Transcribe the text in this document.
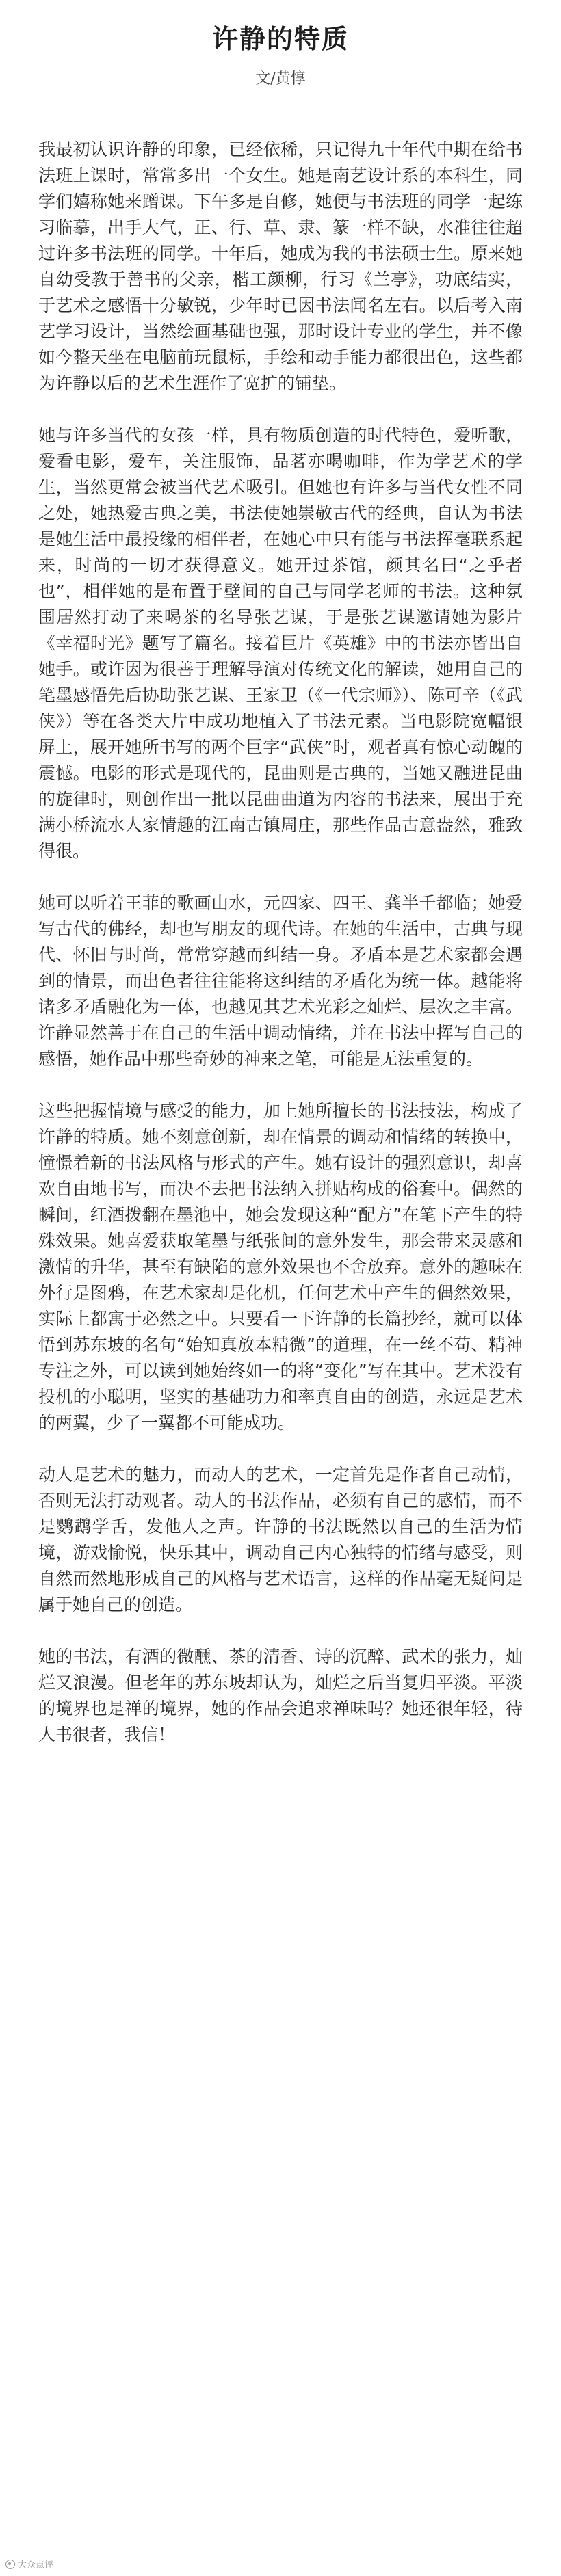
许静的特质
文/黄惇

我最初认识许静的印象，已经依稀，只记得九十年代中期在给书法班上课时，常常多出一个女生。她是南艺设计系的本科生，同学们嬉称她来蹭课。下午多是自修，她便与书法班的同学一起练习临摹，出手大气，正、行、草、隶、篆一样不缺，水准往往超过许多书法班的同学。十年后，她成为我的书法硕士生。原来她自幼受教于善书的父亲，楷工颜柳，行习《兰亭》，功底结实，于艺术之感悟十分敏锐，少年时已因书法闻名左右。以后考入南艺学习设计，当然绘画基础也强，那时设计专业的学生，并不像如今整天坐在电脑前玩鼠标，手绘和动手能力都很出色，这些都为许静以后的艺术生涯作了宽扩的铺垫。

她与许多当代的女孩一样，具有物质创造的时代特色，爱听歌，爱看电影，爱车，关注服饰，品茗亦喝咖啡，作为学艺术的学生，当然更常会被当代艺术吸引。但她也有许多与当代女性不同之处，她热爱古典之美，书法使她崇敬古代的经典，自认为书法是她生活中最投缘的相伴者，在她心中只有能与书法挥毫联系起来，时尚的一切才获得意义。她开过茶馆，颜其名曰“之乎者也”，相伴她的是布置于壁间的自己与同学老师的书法。这种氛围居然打动了来喝茶的名导张艺谋，于是张艺谋邀请她为影片《幸福时光》题写了篇名。接着巨片《英雄》中的书法亦皆出自她手。或许因为很善于理解导演对传统文化的解读，她用自己的笔墨感悟先后协助张艺谋、王家卫（《一代宗师》）、陈可辛（《武侠》）等在各类大片中成功地植入了书法元素。当电影院宽幅银屏上，展开她所书写的两个巨字“武侠”时，观者真有惊心动魄的震憾。电影的形式是现代的，昆曲则是古典的，当她又融进昆曲的旋律时，则创作出一批以昆曲曲道为内容的书法来，展出于充满小桥流水人家情趣的江南古镇周庄，那些作品古意盎然，雅致得很。

她可以听着王菲的歌画山水，元四家、四王、龚半千都临；她爱写古代的佛经，却也写朋友的现代诗。在她的生活中，古典与现代、怀旧与时尚，常常穿越而纠结一身。矛盾本是艺术家都会遇到的情景，而出色者往往能将这纠结的矛盾化为统一体。越能将诸多矛盾融化为一体，也越见其艺术光彩之灿烂、层次之丰富。许静显然善于在自己的生活中调动情绪，并在书法中挥写自己的感悟，她作品中那些奇妙的神来之笔，可能是无法重复的。

这些把握情境与感受的能力，加上她所擅长的书法技法，构成了许静的特质。她不刻意创新，却在情景的调动和情绪的转换中，憧憬着新的书法风格与形式的产生。她有设计的强烈意识，却喜欢自由地书写，而决不去把书法纳入拼贴构成的俗套中。偶然的瞬间，红酒拨翻在墨池中，她会发现这种“配方”在笔下产生的特殊效果。她喜爱获取笔墨与纸张间的意外发生，那会带来灵感和激情的升华，甚至有缺陷的意外效果也不舍放弃。意外的趣味在外行是图鸦，在艺术家却是化机，任何艺术中产生的偶然效果，实际上都寓于必然之中。只要看一下许静的长篇抄经，就可以体悟到苏东坡的名句“始知真放本精微”的道理，在一丝不苟、精神专注之外，可以读到她始终如一的将“变化”写在其中。艺术没有投机的小聪明，坚实的基础功力和率真自由的创造，永远是艺术的两翼，少了一翼都不可能成功。

动人是艺术的魅力，而动人的艺术，一定首先是作者自己动情，否则无法打动观者。动人的书法作品，必须有自己的感情，而不是鹦鹉学舌，发他人之声。许静的书法既然以自己的生活为情境，游戏愉悦，快乐其中，调动自己内心独特的情绪与感受，则自然而然地形成自己的风格与艺术语言，这样的作品毫无疑问是属于她自己的创造。

她的书法，有酒的微醺、茶的清香、诗的沉醉、武术的张力，灿烂又浪漫。但老年的苏东坡却认为，灿烂之后当复归平淡。平淡的境界也是禅的境界，她的作品会追求禅味吗？她还很年轻，待人书很者，我信！

大众点评
